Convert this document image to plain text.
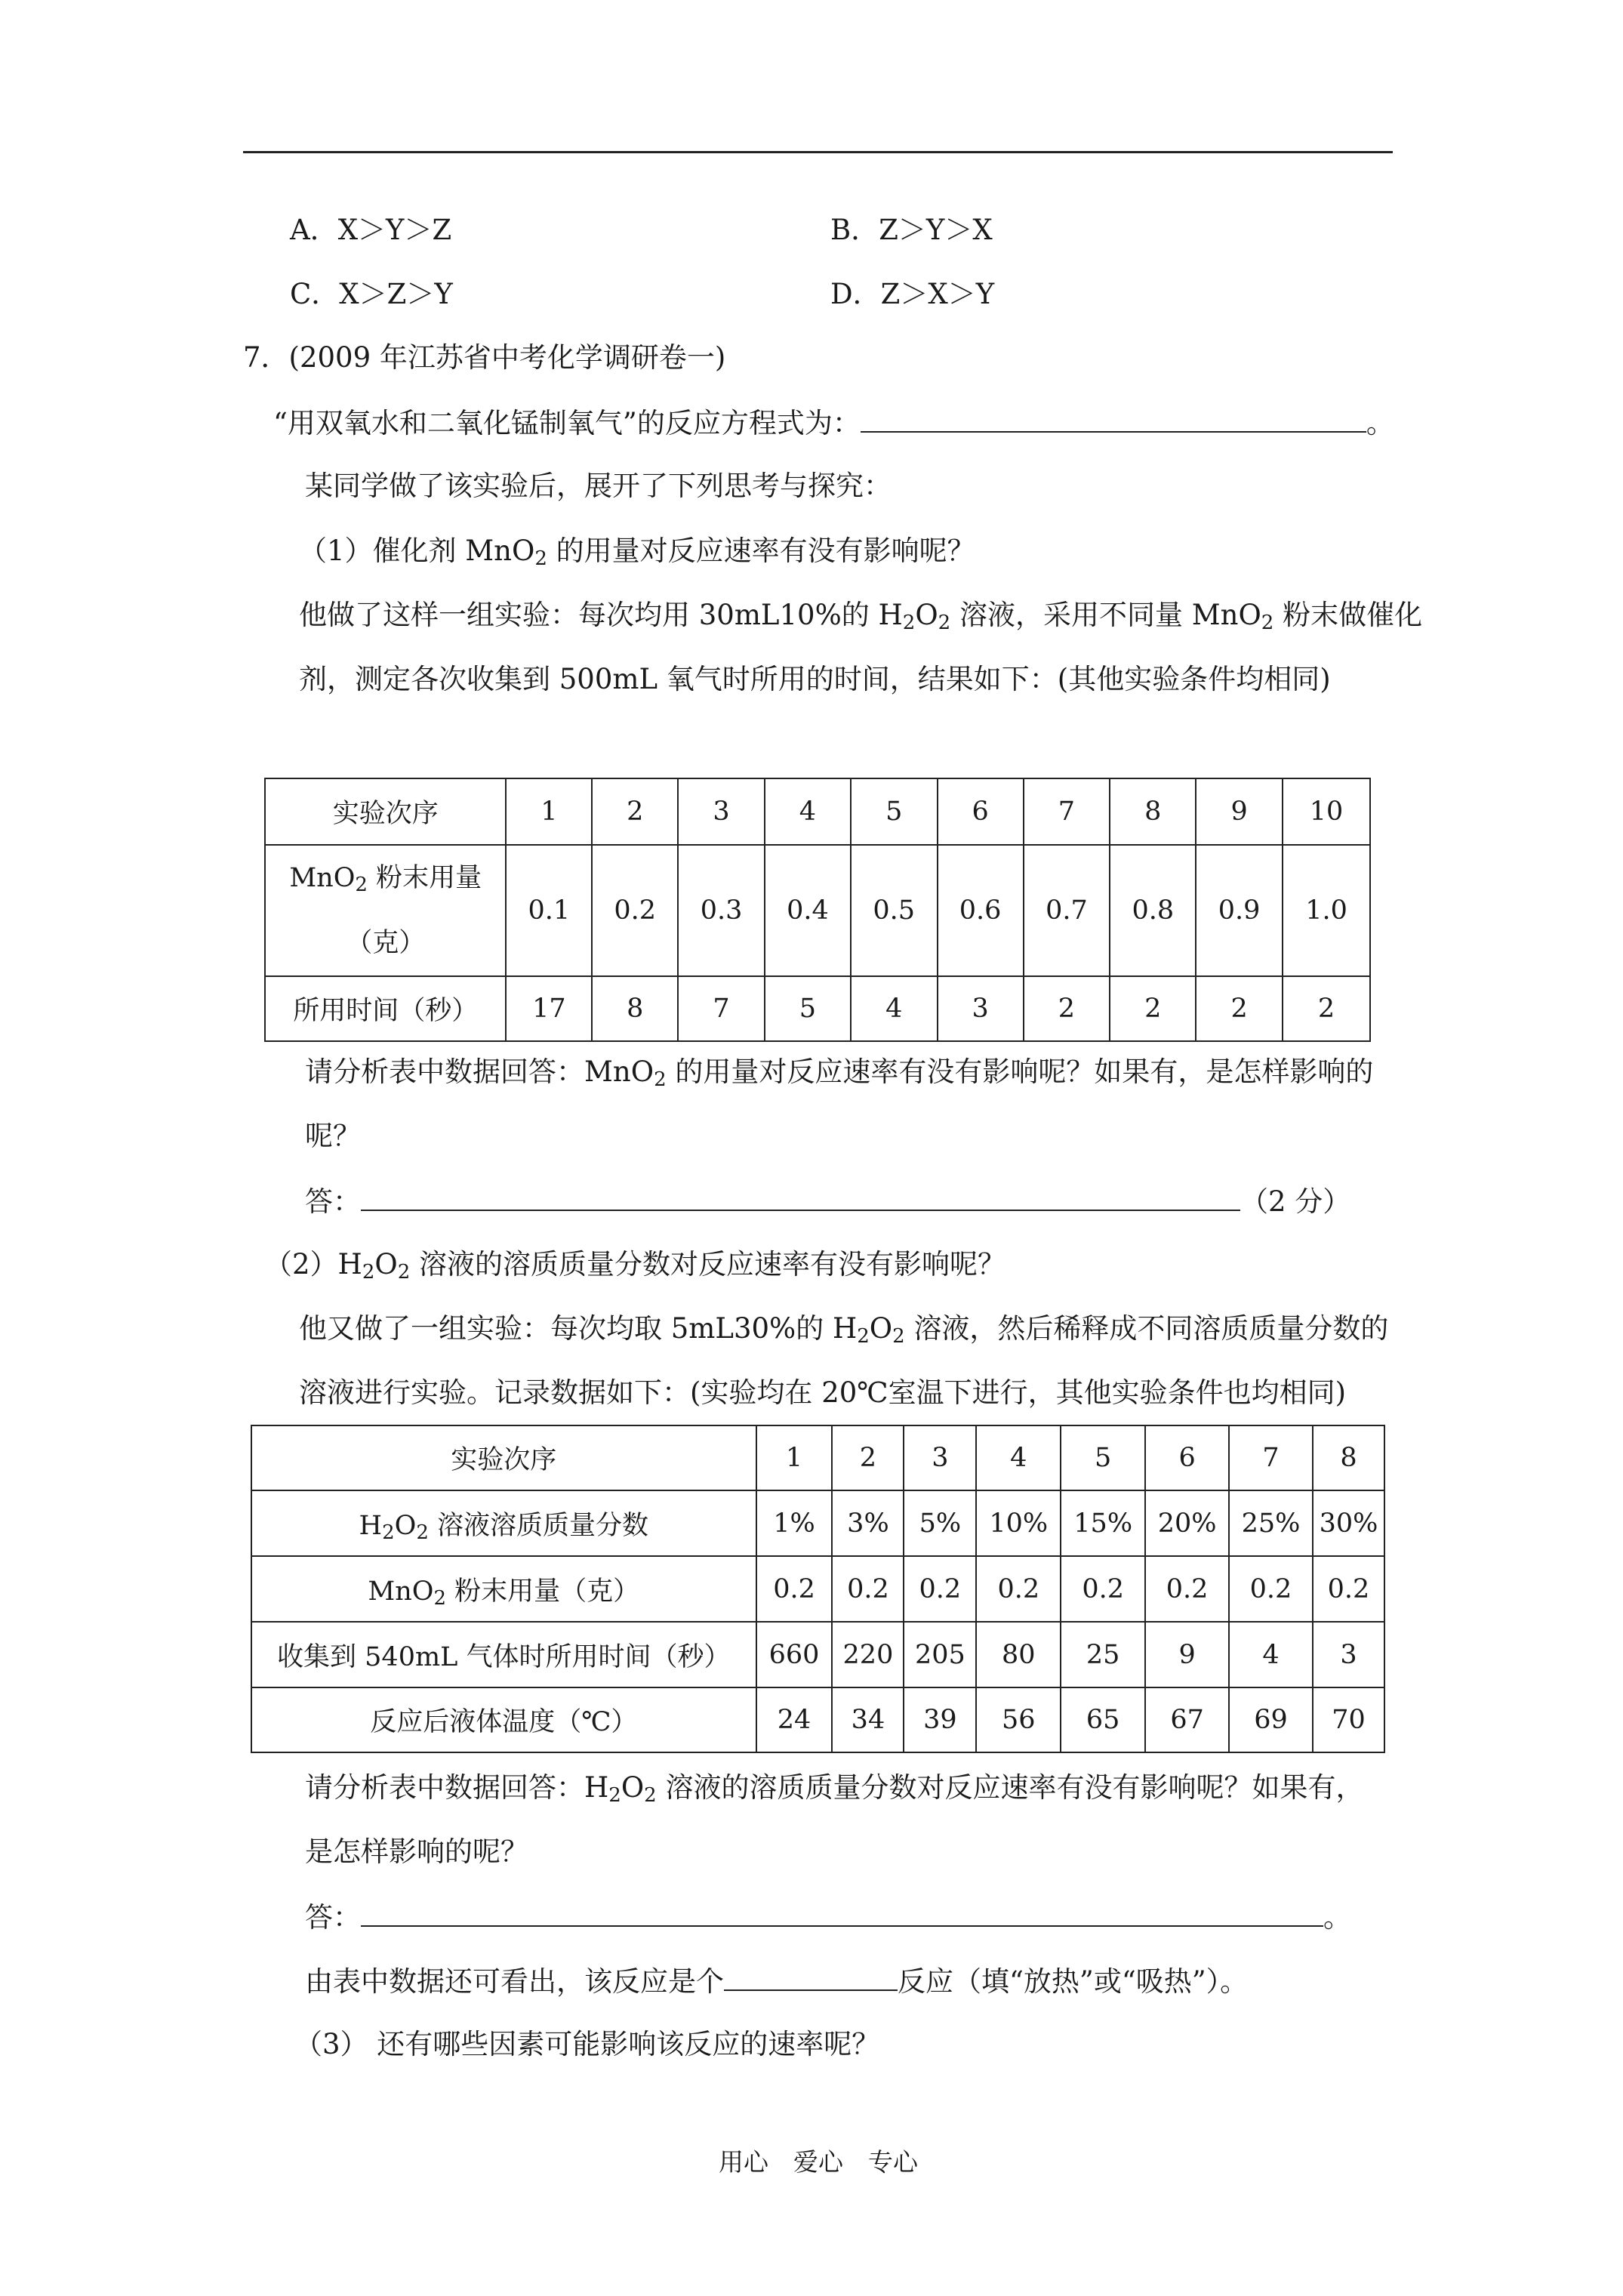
A．X＞Y＞Z	B．Z＞Y＞X
C．X＞Z＞Y	D．Z＞X＞Y
7．(2009 年江苏省中考化学调研卷一)
“用双氧水和二氧化锰制氧气”的反应方程式为：	。
某同学做了该实验后，展开了下列思考与探究：
（1）催化剂 MnO$_2$ 的用量对反应速率有没有影响呢？
他做了这样一组实验：每次均用 30mL10%的 $H_2O_2$ 溶液，采用不同量 MnO$_2$ 粉末做催化
剂，测定各次收集到 500mL 氧气时所用的时间，结果如下：(其他实验条件均相同)
实验次序	1	2	3	4	5	6	7	8	9	10
MnO$_2$ 粉末用量
（克）	0.1	0.2	0.3	0.4	0.5	0.6	0.7	0.8	0.9	1.0
所用时间（秒）	17	8	7	5	4	3	2	2	2	2
请分析表中数据回答：MnO$_2$ 的用量对反应速率有没有影响呢？如果有，是怎样影响的
呢？
答：	（2 分）
$(2)H_2O_2$ 溶液的溶质质量分数对反应速率有没有影响呢？
他又做了一组实验：每次均取 5mL30%的 $H_2O_2$ 溶液，然后稀释成不同溶质质量分数的
溶液进行实验。记录数据如下：(实验均在 20℃室温下进行，其他实验条件也均相同)
实验次序	1	2	3	4	5	6	7	8
$H_2O_2$ 溶液溶质质量分数	1%	3%	5%	10%	15%	20%	25%	30%
MnO$_2$ 粉末用量（克）	0.2	0.2	0.2	0.2	0.2	0.2	0.2	0.2
收集到 540mL 气体时所用时间（秒）	660	220	205	80	25	9	4	3
反应后液体温度（℃）	24	34	39	56	65	67	69	70
请分析表中数据回答：$H_2O_2$ 溶液的溶质质量分数对反应速率有没有影响呢？如果有，
是怎样影响的呢？
答：	。
由表中数据还可看出，该反应是个	反应（填“放热”或“吸热”）。
（3） 还有哪些因素可能影响该反应的速率呢？
用心　爱心　专心
